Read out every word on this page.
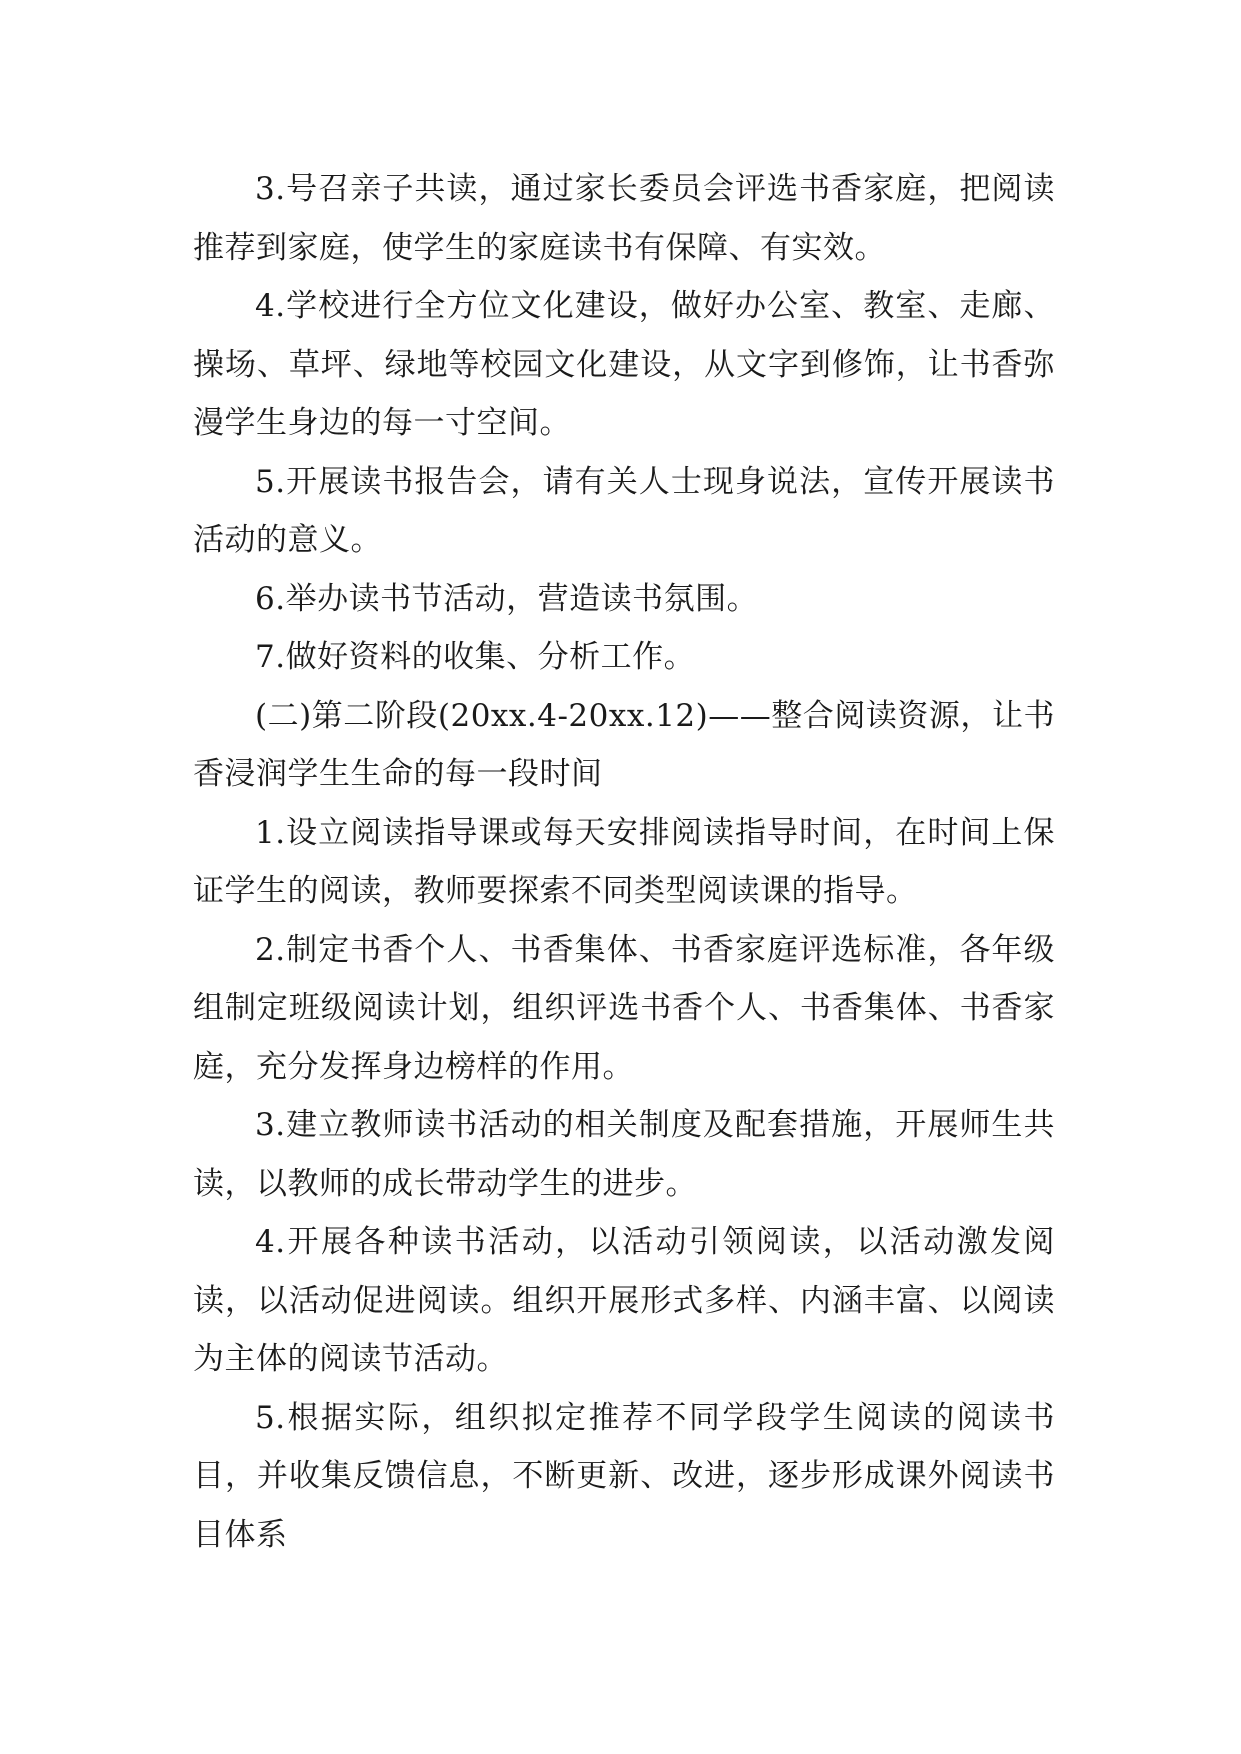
3.号召亲子共读，通过家长委员会评选书香家庭，把阅读推荐到家庭，使学生的家庭读书有保障、有实效。

4.学校进行全方位文化建设，做好办公室、教室、走廊、操场、草坪、绿地等校园文化建设，从文字到修饰，让书香弥漫学生身边的每一寸空间。

5.开展读书报告会，请有关人士现身说法，宣传开展读书活动的意义。

6.举办读书节活动，营造读书氛围。

7.做好资料的收集、分析工作。

(二)第二阶段(20xx.4-20xx.12)——整合阅读资源，让书香浸润学生生命的每一段时间

1.设立阅读指导课或每天安排阅读指导时间，在时间上保证学生的阅读，教师要探索不同类型阅读课的指导。

2.制定书香个人、书香集体、书香家庭评选标准，各年级组制定班级阅读计划，组织评选书香个人、书香集体、书香家庭，充分发挥身边榜样的作用。

3.建立教师读书活动的相关制度及配套措施，开展师生共读，以教师的成长带动学生的进步。

4.开展各种读书活动，以活动引领阅读，以活动激发阅读，以活动促进阅读。组织开展形式多样、内涵丰富、以阅读为主体的阅读节活动。

5.根据实际，组织拟定推荐不同学段学生阅读的阅读书目，并收集反馈信息，不断更新、改进，逐步形成课外阅读书目体系
